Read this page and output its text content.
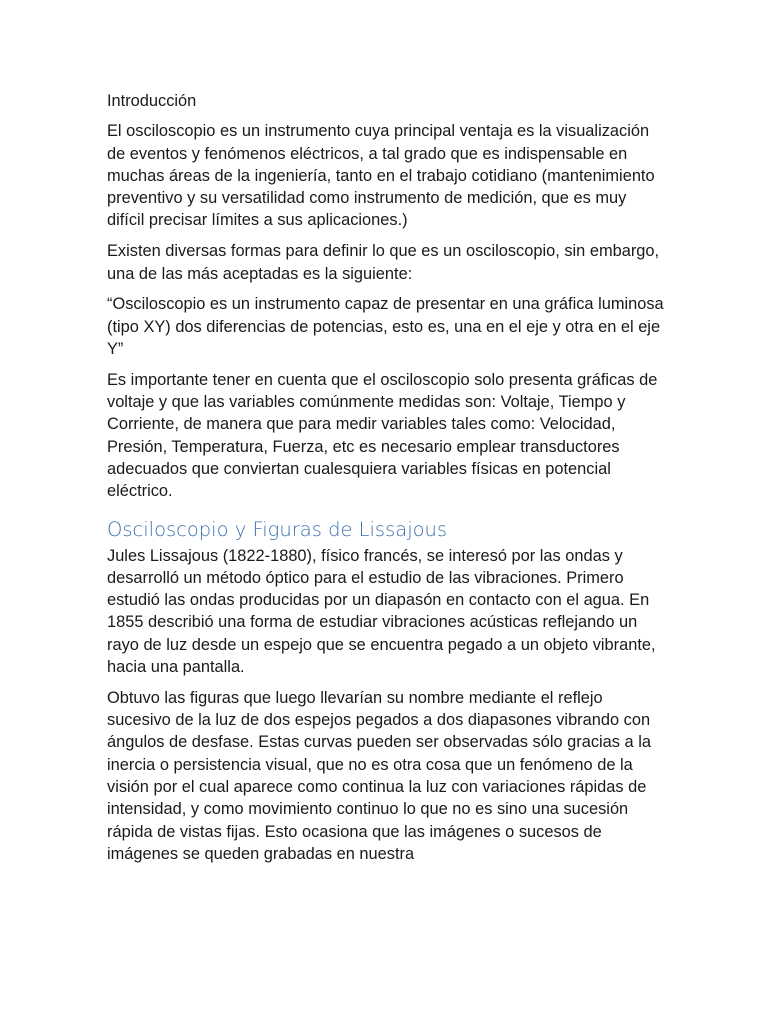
Introducción

El osciloscopio es un instrumento cuya principal ventaja es la visualización de eventos y fenómenos eléctricos, a tal grado que es indispensable en muchas áreas de la ingeniería, tanto en el trabajo cotidiano (mantenimiento preventivo y su versatilidad como instrumento de medición, que es muy difícil precisar límites a sus aplicaciones.)

Existen diversas formas para definir lo que es un osciloscopio, sin embargo, una de las más aceptadas es la siguiente:

“Osciloscopio es un instrumento capaz de presentar en una gráfica luminosa (tipo XY) dos diferencias de potencias, esto es, una en el eje y otra en el eje Y”

Es importante tener en cuenta que el osciloscopio solo presenta gráficas de voltaje y que las variables comúnmente medidas son: Voltaje, Tiempo y Corriente, de manera que para medir variables tales como: Velocidad, Presión, Temperatura, Fuerza, etc es necesario emplear transductores adecuados que conviertan cualesquiera variables físicas en potencial eléctrico.

Osciloscopio y Figuras de Lissajous

Jules Lissajous (1822-1880), físico francés, se interesó por las ondas y desarrolló un método óptico para el estudio de las vibraciones. Primero estudió las ondas producidas por un diapasón en contacto con el agua. En 1855 describió una forma de estudiar vibraciones acústicas reflejando un rayo de luz desde un espejo que se encuentra pegado a un objeto vibrante, hacia una pantalla.

Obtuvo las figuras que luego llevarían su nombre mediante el reflejo sucesivo de la luz de dos espejos pegados a dos diapasones vibrando con ángulos de desfase. Estas curvas pueden ser observadas sólo gracias a la inercia o persistencia visual, que no es otra cosa que un fenómeno de la visión por el cual aparece como continua la luz con variaciones rápidas de intensidad, y como movimiento continuo lo que no es sino una sucesión rápida de vistas fijas. Esto ocasiona que las imágenes o sucesos de imágenes se queden grabadas en nuestra
